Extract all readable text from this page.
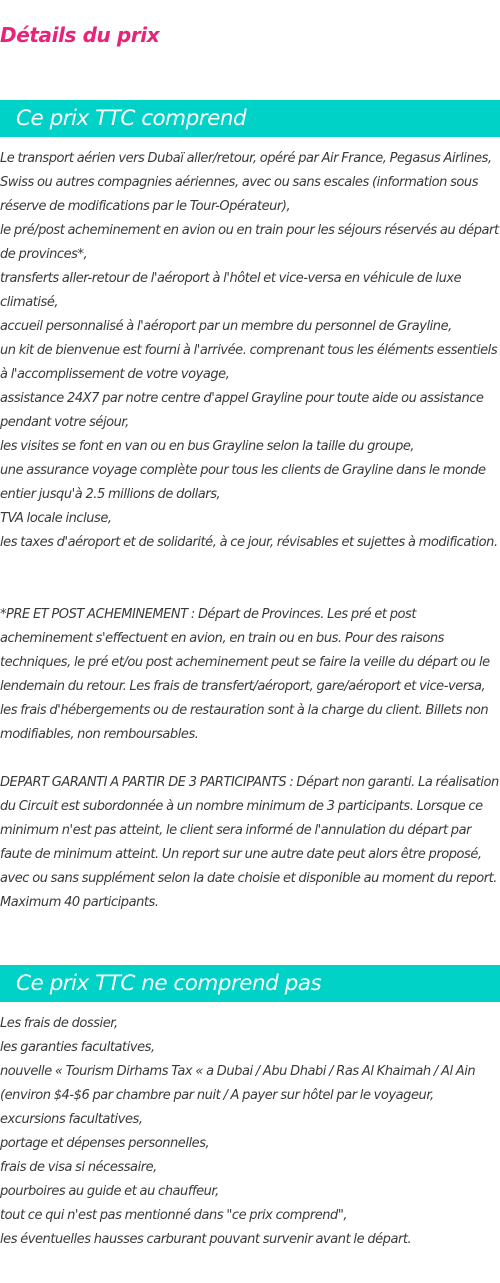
Détails du prix
Ce prix TTC comprend

Le transport aérien vers Dubaï aller/retour, opéré par Air France, Pegasus Airlines, Swiss ou autres compagnies aériennes, avec ou sans escales (information sous réserve de modifications par le Tour-Opérateur),

le pré/post acheminement en avion ou en train pour les séjours réservés au départ de provinces*,

transferts aller-retour de l'aéroport à l'hôtel et vice-versa en véhicule de luxe climatisé,

accueil personnalisé à l'aéroport par un membre du personnel de Grayline,

un kit de bienvenue est fourni à l'arrivée. comprenant tous les éléments essentiels à l'accomplissement de votre voyage,

assistance 24X7 par notre centre d'appel Grayline pour toute aide ou assistance pendant votre séjour,

les visites se font en van ou en bus Grayline selon la taille du groupe,

une assurance voyage complète pour tous les clients de Grayline dans le monde entier jusqu'à 2.5 millions de dollars,

TVA locale incluse,

les taxes d'aéroport et de solidarité, à ce jour, révisables et sujettes à modification.

*PRE ET POST ACHEMINEMENT : Départ de Provinces. Les pré et post acheminement s'effectuent en avion, en train ou en bus. Pour des raisons techniques, le pré et/ou post acheminement peut se faire la veille du départ ou le lendemain du retour. Les frais de transfert/aéroport, gare/aéroport et vice-versa, les frais d'hébergements ou de restauration sont à la charge du client. Billets non modifiables, non remboursables.

DEPART GARANTI A PARTIR DE 3 PARTICIPANTS : Départ non garanti. La réalisation du Circuit est subordonnée à un nombre minimum de 3 participants. Lorsque ce minimum n'est pas atteint, le client sera informé de l'annulation du départ par faute de minimum atteint. Un report sur une autre date peut alors être proposé, avec ou sans supplément selon la date choisie et disponible au moment du report. Maximum 40 participants.

Ce prix TTC ne comprend pas

Les frais de dossier,

les garanties facultatives,

nouvelle « Tourism Dirhams Tax « a Dubai / Abu Dhabi / Ras Al Khaimah / Al Ain (environ $4-$6 par chambre par nuit / A payer sur hôtel par le voyageur,

excursions facultatives,

portage et dépenses personnelles,

frais de visa si nécessaire,

pourboires au guide et au chauffeur,

tout ce qui n'est pas mentionné dans "ce prix comprend",

les éventuelles hausses carburant pouvant survenir avant le départ.
